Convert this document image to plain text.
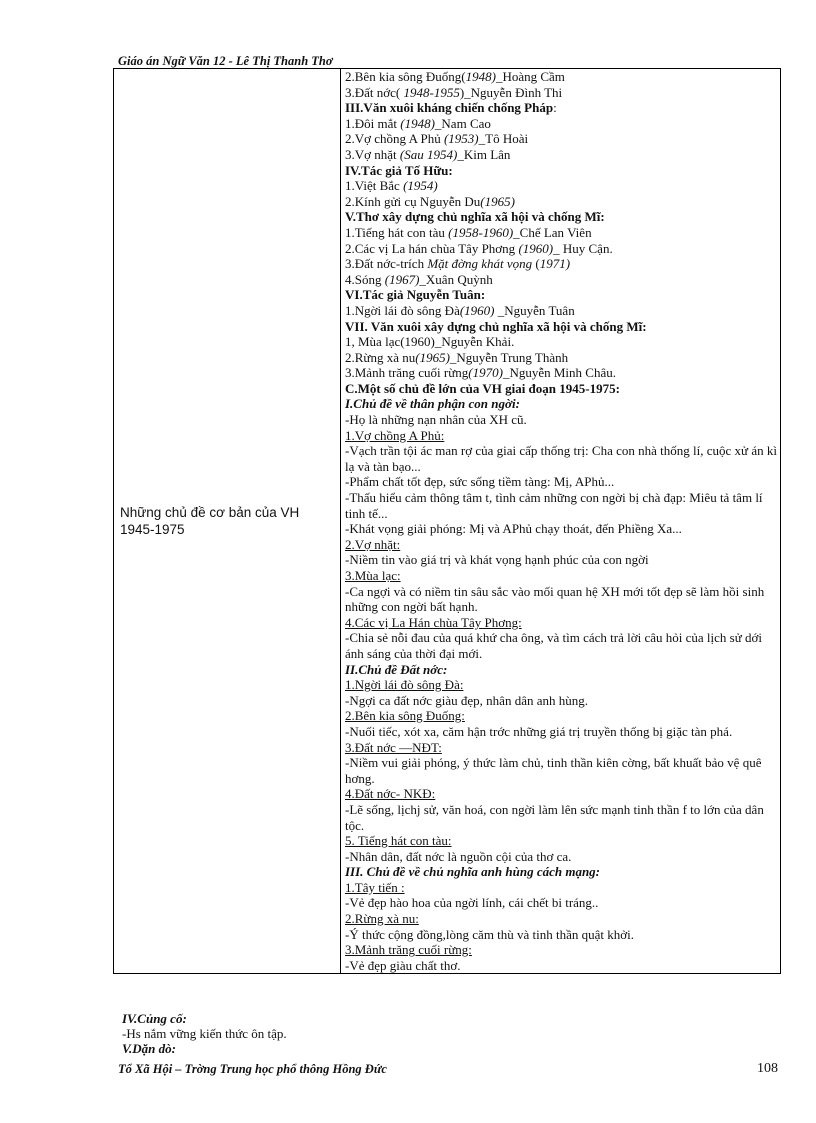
Giáo án Ngữ Văn 12 - Lê Thị Thanh Thơ
Những chủ đề cơ bản của VH 1945-1975	
2.Bên kia sông Đuống(1948)_Hoàng Cầm
3.Đất nớc( 1948-1955)_Nguyễn Đình Thi
III.Văn xuôi kháng chiến chống Pháp:
1.Đôi mắt (1948)_Nam Cao
2.Vợ chồng A Phủ (1953)_Tô Hoài
3.Vợ nhặt (Sau 1954)_Kim Lân
IV.Tác giả Tố Hữu:
1.Việt Bắc (1954)
2.Kính gửi cụ Nguyễn Du(1965)
V.Thơ xây dựng chủ nghĩa xã hội và chống Mĩ:
1.Tiếng hát con tàu (1958-1960)_Chế Lan Viên
2.Các vị La hán chùa Tây Phơng (1960)_ Huy Cận.
3.Đất nớc-trích Mặt đờng khát vọng (1971)
4.Sóng (1967)_Xuân Quỳnh
VI.Tác giả Nguyễn Tuân:
1.Ngời lái đò sông Đà(1960) _Nguyễn Tuân
VII. Văn xuôi xây dựng chủ nghĩa xã hội và chống Mĩ:
1, Mùa lạc(1960)_Nguyễn Khải.
2.Rừng xà nu(1965)_Nguyễn Trung Thành
3.Mảnh trăng cuối rừng(1970)_Nguyễn Minh Châu.
C.Một số chủ đề lớn của VH giai đoạn 1945-1975:
I.Chủ đề về thân phận con ngời:
-Họ là những nạn nhân của XH cũ.
1.Vợ chồng A Phủ:
-Vạch trần tội ác man rợ của giai cấp thống trị: Cha con nhà thống lí, cuộc xử án kì lạ và tàn bạo...
-Phẩm chất tốt đẹp, sức sống tiềm tàng: Mị, APhủ...
-Thấu hiểu cảm thông tâm t, tình cảm những con ngời bị chà đạp: Miêu tả tâm lí tinh tế...
-Khát vọng giải phóng: Mị và APhủ chạy thoát, đến Phiềng Xa...
2.Vợ nhặt:
-Niềm tin vào giá trị và khát vọng hạnh phúc của con ngời
3.Mùa lạc:
-Ca ngợi và có niềm tin sâu sắc vào mối quan hệ XH mới tốt đẹp sẽ làm hồi sinh những con ngời bất hạnh.
4.Các vị La Hán chùa Tây Phơng:
-Chia sẻ nỗi đau của quá khứ cha ông, và tìm cách trả lời câu hỏi của lịch sử dới ánh sáng của thời đại mới.
II.Chủ đề Đất nớc:
1.Ngời lái đò sông Đà:
-Ngợi ca đất nớc giàu đẹp, nhân dân anh hùng.
2.Bên kia sông Đuống:
-Nuối tiếc, xót xa, căm hận trớc những giá trị truyền thống bị giặc tàn phá.
3.Đất nớc —NĐT:
-Niềm vui giải phóng, ý thức làm chủ, tinh thần kiên cờng, bất khuất bảo vệ quê hơng.
4.Đất nớc- NKĐ:
-Lẽ sống, lịchj sử, văn hoá, con ngời làm lên sức mạnh tinh thần f to lớn của dân tộc.
5. Tiếng hát con tàu:
-Nhân dân, đất nớc là nguồn cội của thơ ca.
III. Chủ đề về chủ nghĩa anh hùng cách mạng:
1.Tây tiến :
-Vẻ đẹp hào hoa của ngời lính, cái chết bi tráng..
2.Rừng xà nu:
-Ý thức cộng đồng,lòng căm thù và tinh thần quật khởi.
3.Mảnh trăng cuối rừng:
-Vẻ đẹp giàu chất thơ.
IV.Củng cố:
-Hs nắm vững kiến thức ôn tập.
V.Dặn dò:
Tổ Xã Hội – Trờng Trung học phổ thông Hồng Đức	108
